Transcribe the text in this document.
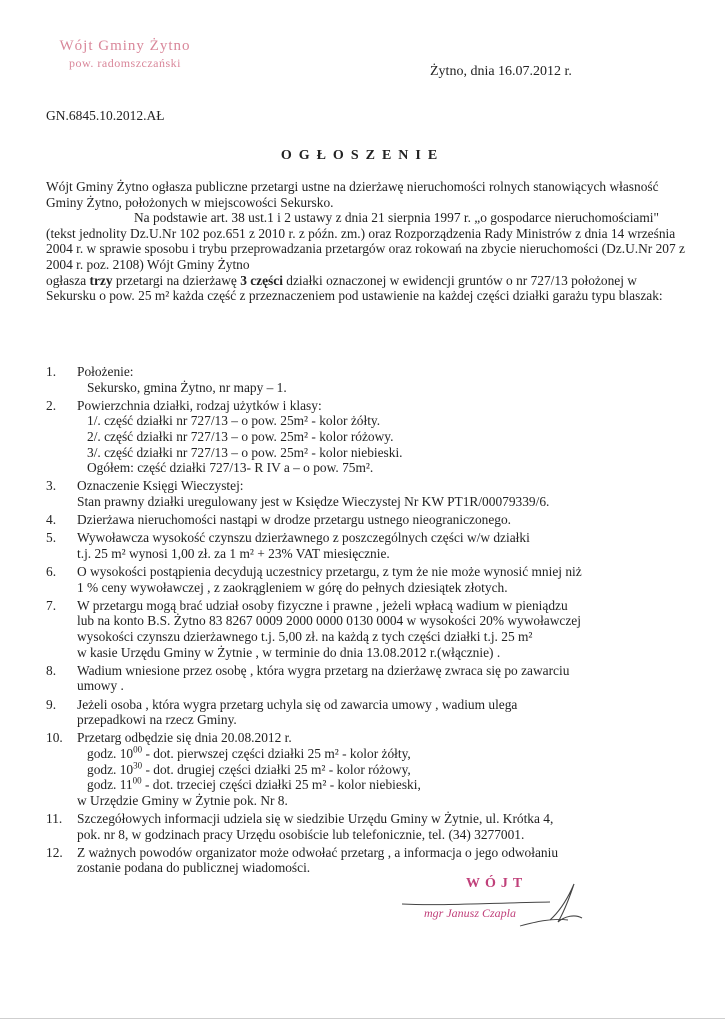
Wójt Gminy Żytno
pow. radomszczański
Żytno, dnia 16.07.2012 r.
GN.6845.10.2012.AŁ
OGŁOSZENIE

Wójt Gminy Żytno ogłasza publiczne przetargi ustne na dzierżawę nieruchomości rolnych stanowiących własność Gminy Żytno, położonych w miejscowości Sekursko.

Na podstawie art. 38 ust.1 i 2 ustawy z dnia 21 sierpnia 1997 r. „o gospodarce nieruchomościami"(tekst jednolity Dz.U.Nr 102 poz.651 z 2010 r. z późn. zm.) oraz Rozporządzenia Rady Ministrów z dnia 14 września 2004 r. w sprawie sposobu i trybu przeprowadzania przetargów oraz rokowań na zbycie nieruchomości (Dz.U.Nr 207 z 2004 r. poz. 2108) Wójt Gminy Żytno

ogłasza trzy przetargi na dzierżawę 3 części działki oznaczonej w ewidencji gruntów o nr 727/13 położonej w Sekursku o pow. 25 m² każda część z przeznaczeniem pod ustawienie na każdej części działki garażu typu blaszak:

1.	Położenie:
Sekursko, gmina Żytno, nr mapy – 1.
2.	Powierzchnia działki, rodzaj użytków i klasy:
1/. część działki nr 727/13 – o pow. 25m² - kolor żółty.
2/. część działki nr 727/13 – o pow. 25m² - kolor różowy.
3/. część działki nr 727/13 – o pow. 25m² - kolor niebieski.
Ogółem: część działki 727/13- R IV a – o pow. 75m².
3.	Oznaczenie Księgi Wieczystej:
Stan prawny działki uregulowany jest w Księdze Wieczystej Nr KW PT1R/00079339/6.
4.	Dzierżawa nieruchomości nastąpi w drodze przetargu ustnego nieograniczonego.
5.	Wywoławcza wysokość czynszu dzierżawnego z poszczególnych części w/w działki
t.j. 25 m² wynosi 1,00 zł. za 1 m² + 23% VAT miesięcznie.
6.	O wysokości postąpienia decydują uczestnicy przetargu, z tym że nie może wynosić mniej niż
1 % ceny wywoławczej , z zaokrągleniem w górę do pełnych dziesiątek złotych.
7.	W przetargu mogą brać udział osoby fizyczne i prawne , jeżeli wpłacą wadium w pieniądzu
lub na konto B.S. Żytno 83 8267 0009 2000 0000 0130 0004 w wysokości 20% wywoławczej
wysokości czynszu dzierżawnego t.j. 5,00 zł. na każdą z tych części działki t.j. 25 m²
w kasie Urzędu Gminy w Żytnie , w terminie do dnia 13.08.2012 r.(włącznie) .
8.	Wadium wniesione przez osobę , która wygra przetarg na dzierżawę zwraca się po zawarciu
umowy .
9.	Jeżeli osoba , która wygra przetarg uchyla się od zawarcia umowy , wadium ulega
przepadkowi na rzecz Gminy.
10.	Przetarg odbędzie się dnia 20.08.2012 r.
godz. $10^{00}$ - dot. pierwszej części działki 25 m² - kolor żółty,
godz. $10^{30}$ - dot. drugiej części działki 25 m² - kolor różowy,
godz. $11^{00}$ - dot. trzeciej części działki 25 m² - kolor niebieski,
w Urzędzie Gminy w Żytnie pok. Nr 8.
11.	Szczegółowych informacji udziela się w siedzibie Urzędu Gminy w Żytnie, ul. Krótka 4,
pok. nr 8, w godzinach pracy Urzędu osobiście lub telefonicznie, tel. (34) 3277001.
12.	Z ważnych powodów organizator może odwołać przetarg , a informacja o jego odwołaniu
zostanie podana do publicznej wiadomości.
WÓJT
mgr Janusz Czapla
